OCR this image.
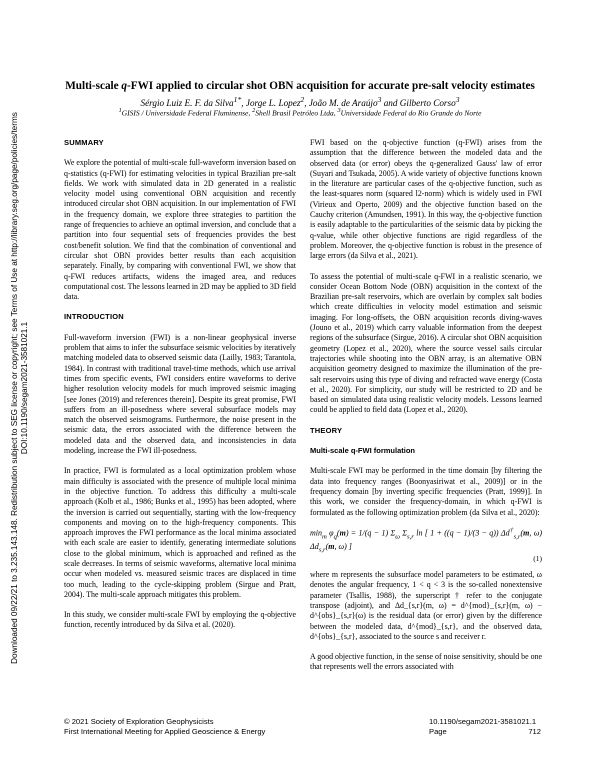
Downloaded 09/22/21 to 3.235.143.148. Redistribution subject to SEG license or copyright; see Terms of Use at http://library.seg.org/page/policies/terms DOI:10.1190/segam2021-3581021.1
Multi-scale q-FWI applied to circular shot OBN acquisition for accurate pre-salt velocity estimates
Sérgio Luiz E. F. da Silva$^{1*}$, Jorge L. Lopez$^2$, João M. de Araújo$^3$ and Gilberto Corso$^3$
$^1$GISIS / Universidade Federal Fluminense, $^2$Shell Brasil Petróleo Ltda, $^3$Universidade Federal do Rio Grande do Norte
SUMMARY

We explore the potential of multi-scale full-waveform inversion based on q-statistics (q-FWI) for estimating velocities in typical Brazilian pre-salt fields. We work with simulated data in 2D generated in a realistic velocity model using conventional OBN acquisition and recently introduced circular shot OBN acquisition. In our implementation of FWI in the frequency domain, we explore three strategies to partition the range of frequencies to achieve an optimal inversion, and conclude that a partition into four sequential sets of frequencies provides the best cost/benefit solution. We find that the combination of conventional and circular shot OBN provides better results than each acquisition separately. Finally, by comparing with conventional FWI, we show that q-FWI reduces artifacts, widens the imaged area, and reduces computational cost. The lessons learned in 2D may be applied to 3D field data.

INTRODUCTION

Full-waveform inversion (FWI) is a non-linear geophysical inverse problem that aims to infer the subsurface seismic velocities by iteratively matching modeled data to observed seismic data (Lailly, 1983; Tarantola, 1984). In contrast with traditional travel-time methods, which use arrival times from specific events, FWI considers entire waveforms to derive higher resolution velocity models for much improved seismic imaging [see Jones (2019) and references therein]. Despite its great promise, FWI suffers from an ill-posedness where several subsurface models may match the observed seismograms. Furthermore, the noise present in the seismic data, the errors associated with the difference between the modeled data and the observed data, and inconsistencies in data modeling, increase the FWI ill-posedness.

In practice, FWI is formulated as a local optimization problem whose main difficulty is associated with the presence of multiple local minima in the objective function. To address this difficulty a multi-scale approach (Kolb et al., 1986; Bunks et al., 1995) has been adopted, where the inversion is carried out sequentially, starting with the low-frequency components and moving on to the high-frequency components. This approach improves the FWI performance as the local minima associated with each scale are easier to identify, generating intermediate solutions close to the global minimum, which is approached and refined as the scale decreases. In terms of seismic waveforms, alternative local minima occur when modeled vs. measured seismic traces are displaced in time too much, leading to the cycle-skipping problem (Sirgue and Pratt, 2004). The multi-scale approach mitigates this problem.

In this study, we consider multi-scale FWI by employing the q-objective function, recently introduced by da Silva et al. (2020).

FWI based on the q-objective function (q-FWI) arises from the assumption that the difference between the modeled data and the observed data (or error) obeys the q-generalized Gauss' law of error (Suyari and Tsukada, 2005). A wide variety of objective functions known in the literature are particular cases of the q-objective function, such as the least-squares norm (squared l2-norm) which is widely used in FWI (Virieux and Operto, 2009) and the objective function based on the Cauchy criterion (Amundsen, 1991). In this way, the q-objective function is easily adaptable to the particularities of the seismic data by picking the q-value, while other objective functions are rigid regardless of the problem. Moreover, the q-objective function is robust in the presence of large errors (da Silva et al., 2021).

To assess the potential of multi-scale q-FWI in a realistic scenario, we consider Ocean Bottom Node (OBN) acquisition in the context of the Brazilian pre-salt reservoirs, which are overlain by complex salt bodies which create difficulties in velocity model estimation and seismic imaging. For long-offsets, the OBN acquisition records diving-waves (Jouno et al., 2019) which carry valuable information from the deepest regions of the subsurface (Sirgue, 2016). A circular shot OBN acquisition geometry (Lopez et al., 2020), where the source vessel sails circular trajectories while shooting into the OBN array, is an alternative OBN acquisition geometry designed to maximize the illumination of the pre-salt reservoirs using this type of diving and refracted wave energy (Costa et al., 2020). For simplicity, our study will be restricted to 2D and be based on simulated data using realistic velocity models. Lessons learned could be applied to field data (Lopez et al., 2020).

THEORY
Multi-scale q-FWI formulation

Multi-scale FWI may be performed in the time domain [by filtering the data into frequency ranges (Boonyasiriwat et al., 2009)] or in the frequency domain [by inverting specific frequencies (Pratt, 1999)]. In this work, we consider the frequency-domain, in which q-FWI is formulated as the following optimization problem (da Silva et al., 2020):

$\min_m \varphi_q(m) = 1/(q - 1)$ $\Sigma_\omega$ $\Sigma_{s,r}$ ln [ 1 + ((q − 1)/(3 − q)) $\Delta d^\dagger_{s,r}(m$, ω) $\Delta d_{s,r}(m$, ω) ]
(1)

where m represents the subsurface model parameters to be estimated, ω denotes the angular frequency, 1 < q < 3 is the so-called nonextensive parameter (Tsallis, 1988), the superscript † refer to the conjugate transpose (adjoint), and Δd_{s,r}(m, ω) = d^{mod}_{s,r}(m, ω) − d^{obs}_{s,r}(ω) is the residual data (or error) given by the difference between the modeled data, d^{mod}_{s,r}, and the observed data, d^{obs}_{s,r}, associated to the source s and receiver r.

A good objective function, in the sense of noise sensitivity, should be one that represents well the errors associated with

© 2021 Society of Exploration Geophysicists
First International Meeting for Applied Geoscience & Energy
10.1190/segam2021-3581021.1
Page	712
